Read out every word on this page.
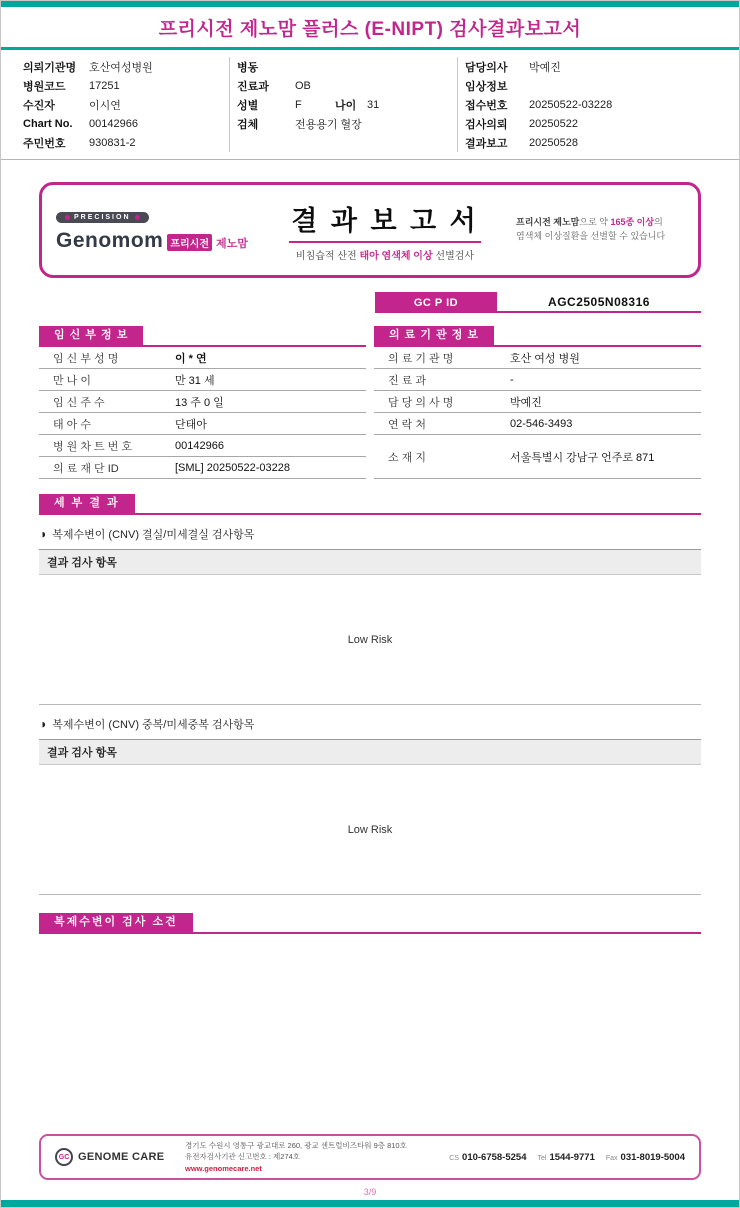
프리시전 제노맘 플러스 (E-NIPT) 검사결과보고서
의뢰기관명	호산여성병원
병원코드	17251
수진자	이시연
Chart No.	00142966
주민번호	930831-2
병동
진료과	OB
성별	F	나이 31
검체	전용용기 혈장
담당의사	박예진
임상정보
접수번호	20250522-03228
검사의뢰	20250522
결과보고	20250528
PRECISION
Genomom 프리시전 제노맘
결 과 보 고 서
비침습적 산전 태아 염색체 이상 선별검사
프리시전 제노맘으로 약 165종 이상의
염색체 이상질환을 선별할 수 있습니다
GC P ID	AGC2505N08316
임 신 부 정 보
임 신 부 성 명	이 * 연
만 나 이	만 31 세
임 신 주 수	13 주 0 일
태 아 수	단태아
병 원 차 트 번 호	00142966
의 료 재 단 ID	[SML] 20250522-03228
의 료 기 관 정 보
의 료 기 관 명	호산 여성 병원
진 료 과	-
담 당 의 사 명	박예진
연 락 처	02-546-3493
소 재 지	서울특별시 강남구 언주로 871
세 부 결 과
◑ 복제수변이 (CNV) 결실/미세결실 검사항목
결과 검사 항목
Low Risk
◑ 복제수변이 (CNV) 중복/미세중복 검사항목
결과 검사 항목
Low Risk
복제수변이 검사 소견
GC GENOME CARE
경기도 수원시 영통구 광교대로 260, 광교 센트럴비즈타워 9층 810호
유전자검사기관 신고번호 : 제274호
www.genomecare.net
CS 010-6758-5254 Tel 1544-9771 Fax 031-8019-5004
3/9
